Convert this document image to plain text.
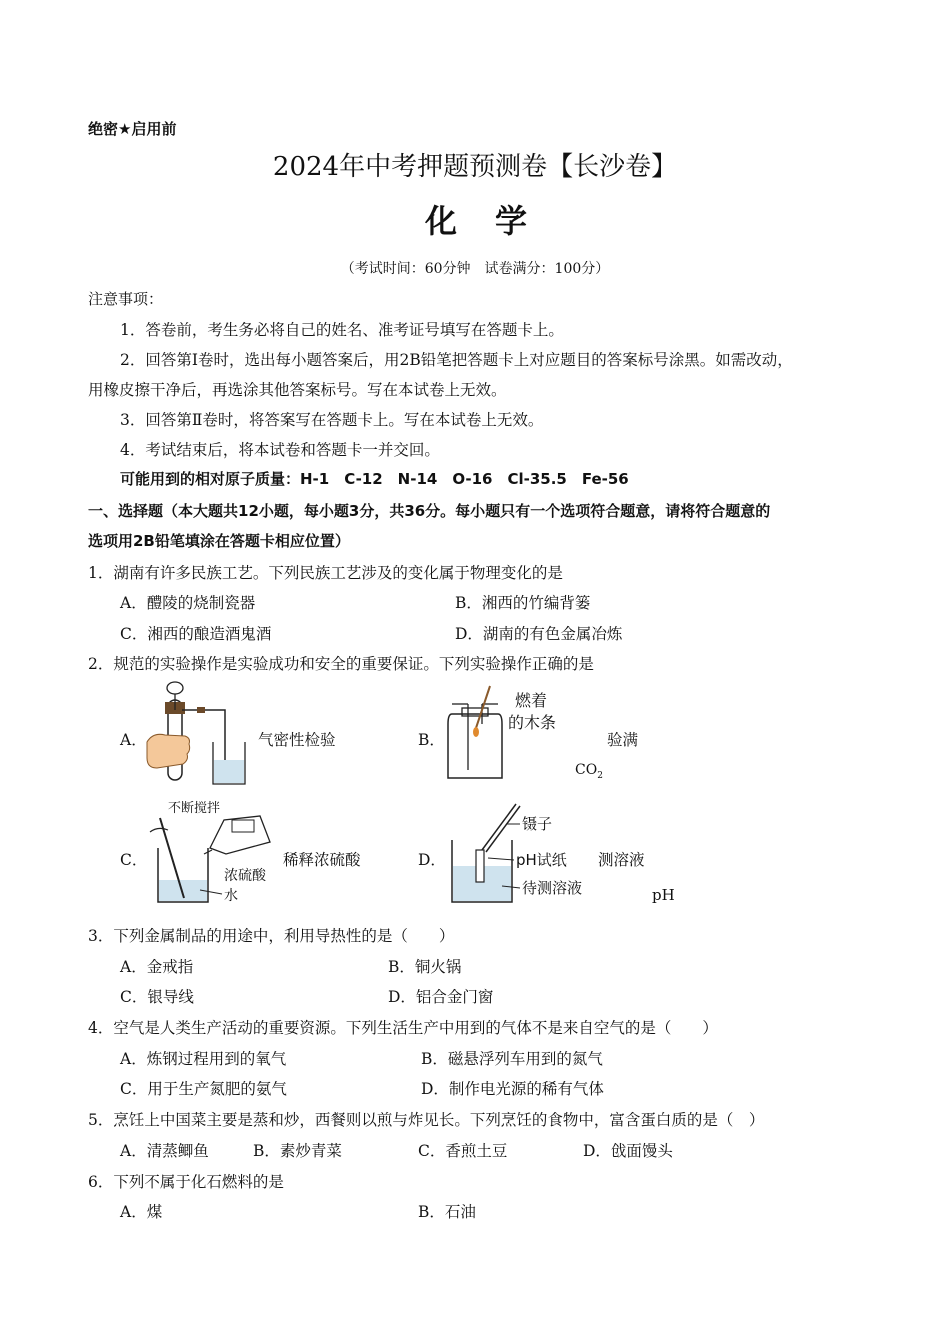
绝密★启用前
2024年中考押题预测卷【长沙卷】
化学
（考试时间：60分钟　试卷满分：100分）
注意事项：
1．答卷前，考生务必将自己的姓名、准考证号填写在答题卡上。
2．回答第Ⅰ卷时，选出每小题答案后，用2B铅笔把答题卡上对应题目的答案标号涂黑。如需改动，
用橡皮擦干净后，再选涂其他答案标号。写在本试卷上无效。
3．回答第Ⅱ卷时，将答案写在答题卡上。写在本试卷上无效。
4．考试结束后，将本试卷和答题卡一并交回。
可能用到的相对原子质量：H-1　C-12　N-14　O-16　Cl-35.5　Fe-56
一、选择题（本大题共12小题，每小题3分，共36分。每小题只有一个选项符合题意，请将符合题意的
选项用2B铅笔填涂在答题卡相应位置）
1．湖南有许多民族工艺。下列民族工艺涉及的变化属于物理变化的是
A．醴陵的烧制瓷器	B．湘西的竹编背篓
C．湘西的酿造酒鬼酒	D．湖南的有色金属冶炼
2．规范的实验操作是实验成功和安全的重要保证。下列实验操作正确的是
A．	气密性检验	B．
燃着
的木条
验满
$CO_2$
C．
不断搅拌
浓硫酸
水
稀释浓硫酸	D．
镊子
pH试纸
待测溶液
测溶液
pH
3．下列金属制品的用途中，利用导热性的是（　　）
A．金戒指	B．铜火锅
C．银导线	D．铝合金门窗
4．空气是人类生产活动的重要资源。下列生活生产中用到的气体不是来自空气的是（　　）
A．炼钢过程用到的氧气	B．磁悬浮列车用到的氮气
C．用于生产氮肥的氨气	D．制作电光源的稀有气体
5．烹饪上中国菜主要是蒸和炒，西餐则以煎与炸见长。下列烹饪的食物中，富含蛋白质的是（　）
A．清蒸鲫鱼	B．素炒青菜	C．香煎土豆	D．戗面馒头
6．下列不属于化石燃料的是
A．煤	B．石油
